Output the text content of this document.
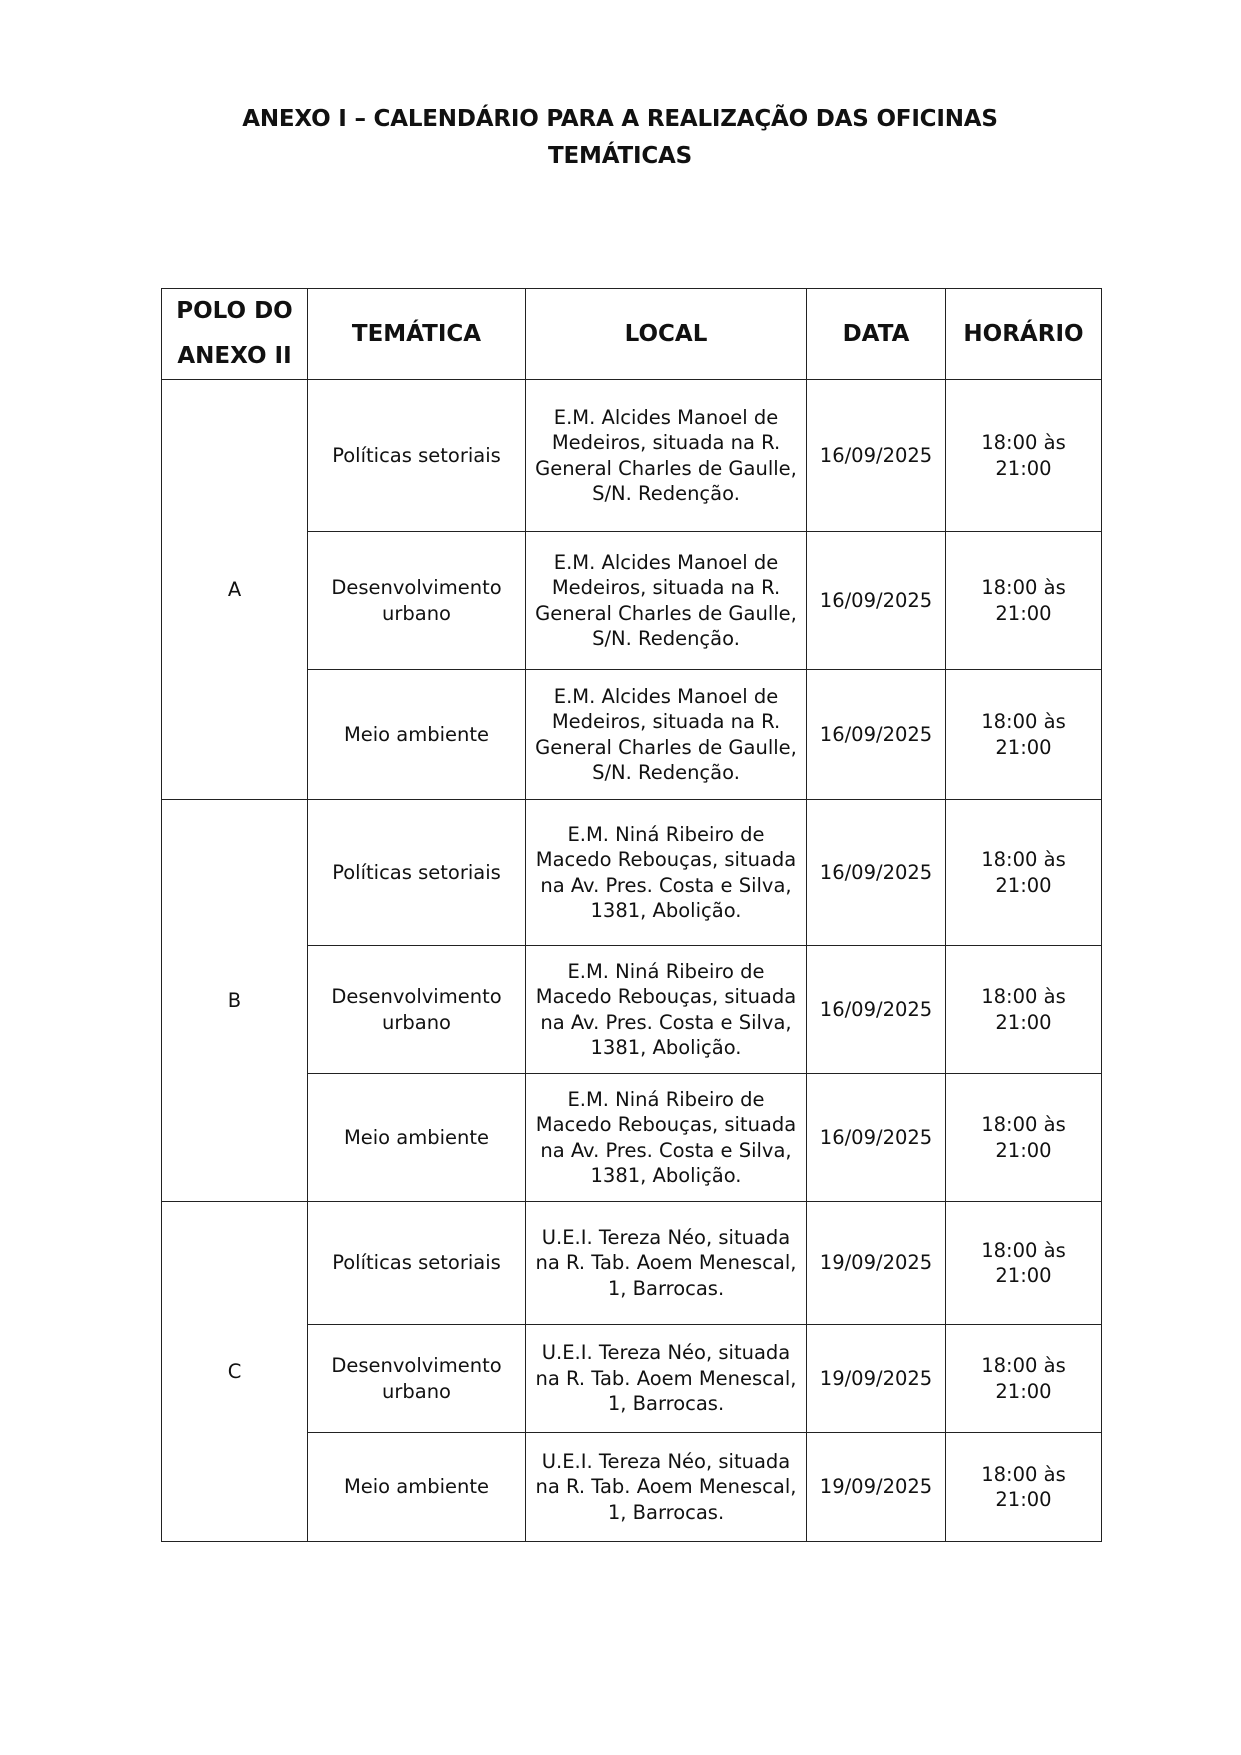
ANEXO I – CALENDÁRIO PARA A REALIZAÇÃO DAS OFICINAS
TEMÁTICAS
POLO DO ANEXO II	TEMÁTICA	LOCAL	DATA	HORÁRIO
A	Políticas setoriais	E.M. Alcides Manoel de Medeiros, situada na R. General Charles de Gaulle, S/N. Redenção.	16/09/2025	18:00 às 21:00
	Desenvolvimento urbano	E.M. Alcides Manoel de Medeiros, situada na R. General Charles de Gaulle, S/N. Redenção.	16/09/2025	18:00 às 21:00
	Meio ambiente	E.M. Alcides Manoel de Medeiros, situada na R. General Charles de Gaulle, S/N. Redenção.	16/09/2025	18:00 às 21:00
B	Políticas setoriais	E.M. Niná Ribeiro de Macedo Rebouças, situada na Av. Pres. Costa e Silva, 1381, Abolição.	16/09/2025	18:00 às 21:00
	Desenvolvimento urbano	E.M. Niná Ribeiro de Macedo Rebouças, situada na Av. Pres. Costa e Silva, 1381, Abolição.	16/09/2025	18:00 às 21:00
	Meio ambiente	E.M. Niná Ribeiro de Macedo Rebouças, situada na Av. Pres. Costa e Silva, 1381, Abolição.	16/09/2025	18:00 às 21:00
C	Políticas setoriais	U.E.I. Tereza Néo, situada na R. Tab. Aoem Menescal, 1, Barrocas.	19/09/2025	18:00 às 21:00
	Desenvolvimento urbano	U.E.I. Tereza Néo, situada na R. Tab. Aoem Menescal, 1, Barrocas.	19/09/2025	18:00 às 21:00
	Meio ambiente	U.E.I. Tereza Néo, situada na R. Tab. Aoem Menescal, 1, Barrocas.	19/09/2025	18:00 às 21:00
